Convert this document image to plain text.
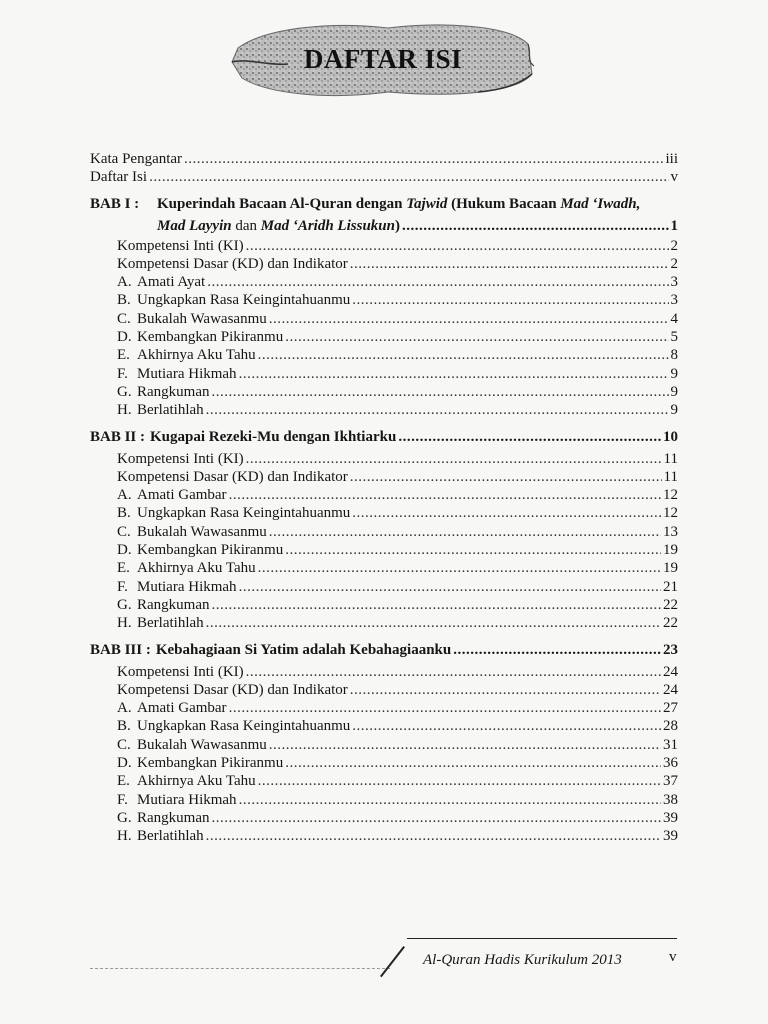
DAFTAR ISI
Kata Pengantar .....	iii
Daftar Isi .....	v
BAB I :	Kuperindah Bacaan Al-Quran dengan Tajwid (Hukum Bacaan Mad ‘Iwadh,
Mad Layyin dan Mad ‘Aridh Lissukun) .....	1
Kompetensi Inti (KI) .....	2
Kompetensi Dasar (KD) dan Indikator .....	2
A. Amati Ayat .....	3
B. Ungkapkan Rasa Keingintahuanmu .....	3
C. Bukalah Wawasanmu .....	4
D. Kembangkan Pikiranmu .....	5
E. Akhirnya Aku Tahu .....	8
F. Mutiara Hikmah .....	9
G. Rangkuman .....	9
H. Berlatihlah .....	9
BAB II : Kugapai Rezeki-Mu dengan Ikhtiarku .....	10
Kompetensi Inti (KI) .....	11
Kompetensi Dasar (KD) dan Indikator .....	11
A. Amati Gambar .....	12
B. Ungkapkan Rasa Keingintahuanmu .....	12
C. Bukalah Wawasanmu .....	13
D. Kembangkan Pikiranmu .....	19
E. Akhirnya Aku Tahu .....	19
F. Mutiara Hikmah .....	21
G. Rangkuman .....	22
H. Berlatihlah .....	22
BAB III : Kebahagiaan Si Yatim adalah Kebahagiaanku .....	23
Kompetensi Inti (KI) .....	24
Kompetensi Dasar (KD) dan Indikator .....	24
A. Amati Gambar .....	27
B. Ungkapkan Rasa Keingintahuanmu .....	28
C. Bukalah Wawasanmu .....	31
D. Kembangkan Pikiranmu .....	36
E. Akhirnya Aku Tahu .....	37
F. Mutiara Hikmah .....	38
G. Rangkuman .....	39
H. Berlatihlah .....	39
Al-Quran Hadis Kurikulum 2013	v
